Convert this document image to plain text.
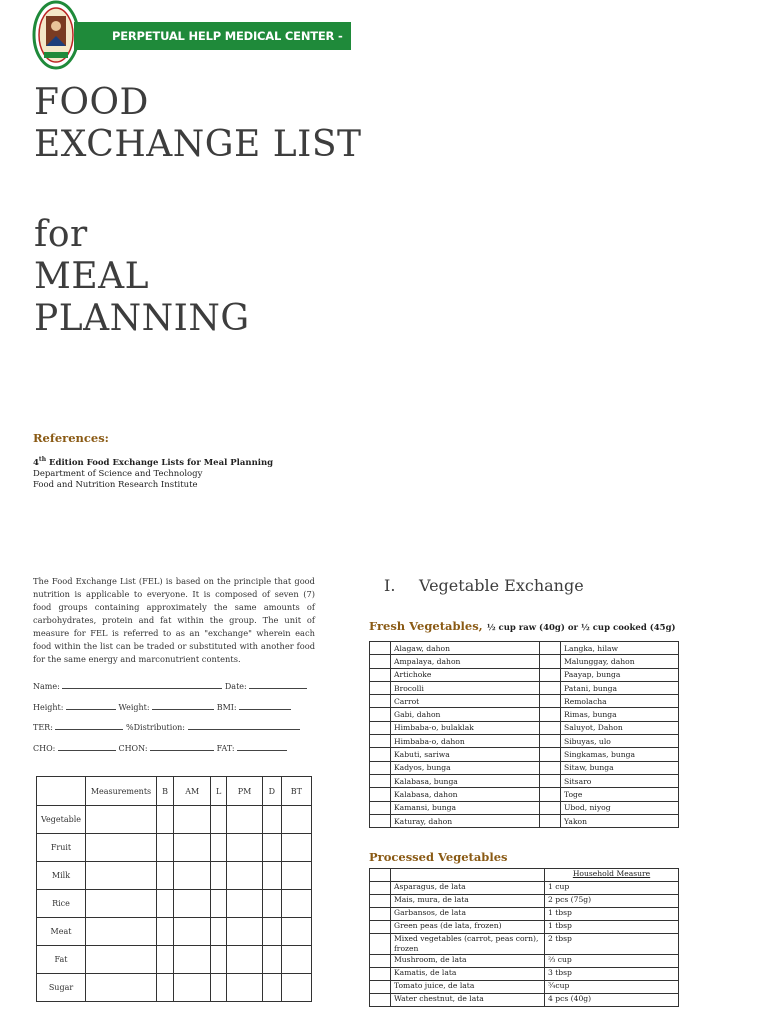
PERPETUAL HELP MEDICAL CENTER - LAS PIÑAS
FOOD
EXCHANGE LIST
for
MEAL
PLANNING
References:
4th Edition Food Exchange Lists for Meal Planning
Department of Science and Technology
Food and Nutrition Research Institute
The Food Exchange List (FEL) is based on the principle that good nutrition is applicable to everyone. It is composed of seven (7) food groups containing approximately the same amounts of carbohydrates, protein and fat within the group. The unit of measure for FEL is referred to as an "exchange" wherein each food within the list can be traded or substituted with another food for the same energy and marconutrient contents.
Name:	Date:
Height:	Weight:	BMI:
TER:	%Distribution:
CHO:	CHON:	FAT:
	Measurements	B	AM	L	PM	D	BT
Vegetable							
Fruit							
Milk							
Rice							
Meat							
Fat							
Sugar							
I. Vegetable Exchange
Fresh Vegetables, ½ cup raw (40g) or ½ cup cooked (45g)
	Alagaw, dahon		Langka, hilaw
	Ampalaya, dahon		Malunggay, dahon
	Artichoke		Paayap, bunga
	Brocolli		Patani, bunga
	Carrot		Remolacha
	Gabi, dahon		Rimas, bunga
	Himbaba-o, bulaklak		Saluyot, Dahon
	Himbaba-o, dahon		Sibuyas, ulo
	Kabuti, sariwa		Singkamas, bunga
	Kadyos, bunga		Sitaw, bunga
	Kalabasa, bunga		Sitsaro
	Kalabasa, dahon		Toge
	Kamansi, bunga		Ubod, niyog
	Katuray, dahon		Yakon
Processed Vegetables
		Household Measure
	Asparagus, de lata	1 cup
	Mais, mura, de lata	2 pcs (75g)
	Garbansos, de lata	1 tbsp
	Green peas (de lata, frozen)	1 tbsp
	Mixed vegetables (carrot, peas corn), frozen	2 tbsp
	Mushroom, de lata	⅔ cup
	Kamatis, de lata	3 tbsp
	Tomato juice, de lata	¾cup
	Water chestnut, de lata	4 pcs (40g)
